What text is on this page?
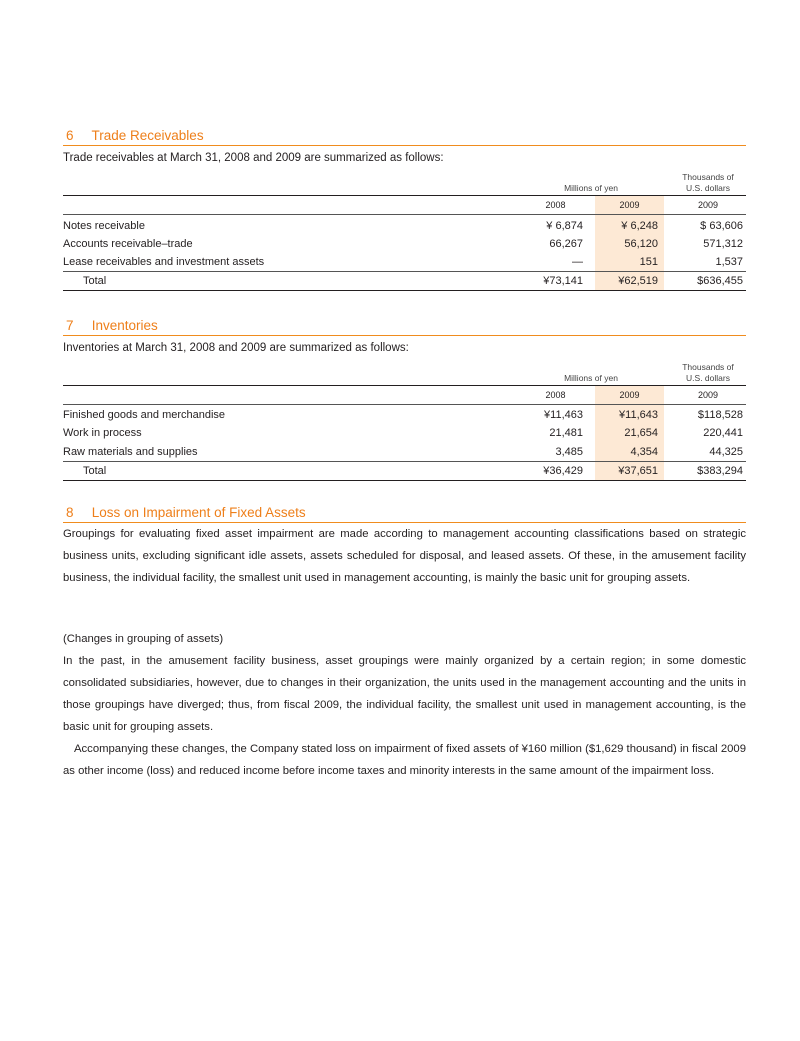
6 Trade Receivables
Trade receivables at March 31, 2008 and 2009 are summarized as follows:
Thousands of
U.S. dollars
Millions of yen
2008	2009	2009
Notes receivable	¥ 6,874	¥ 6,248	$ 63,606
Accounts receivable–trade	66,267	56,120	571,312
Lease receivables and investment assets	—	151	1,537
Total	¥73,141	¥62,519	$636,455
7 Inventories
Inventories at March 31, 2008 and 2009 are summarized as follows:
Thousands of
U.S. dollars
Millions of yen
2008	2009	2009
Finished goods and merchandise	¥11,463	¥11,643	$118,528
Work in process	21,481	21,654	220,441
Raw materials and supplies	3,485	4,354	44,325
Total	¥36,429	¥37,651	$383,294
8 Loss on Impairment of Fixed Assets
Groupings for evaluating fixed asset impairment are made according to management accounting classifications based on strategic business units, excluding significant idle assets, assets scheduled for disposal, and leased assets. Of these, in the amusement facility business, the individual facility, the smallest unit used in management accounting, is mainly the basic unit for grouping assets.
(Changes in grouping of assets)
In the past, in the amusement facility business, asset groupings were mainly organized by a certain region; in some domestic consolidated subsidiaries, however, due to changes in their organization, the units used in the management accounting and the units in those groupings have diverged; thus, from fiscal 2009, the individual facility, the smallest unit used in management accounting, is the basic unit for grouping assets.
Accompanying these changes, the Company stated loss on impairment of fixed assets of ¥160 million ($1,629 thousand) in fiscal 2009 as other income (loss) and reduced income before income taxes and minority interests in the same amount of the impairment loss.
